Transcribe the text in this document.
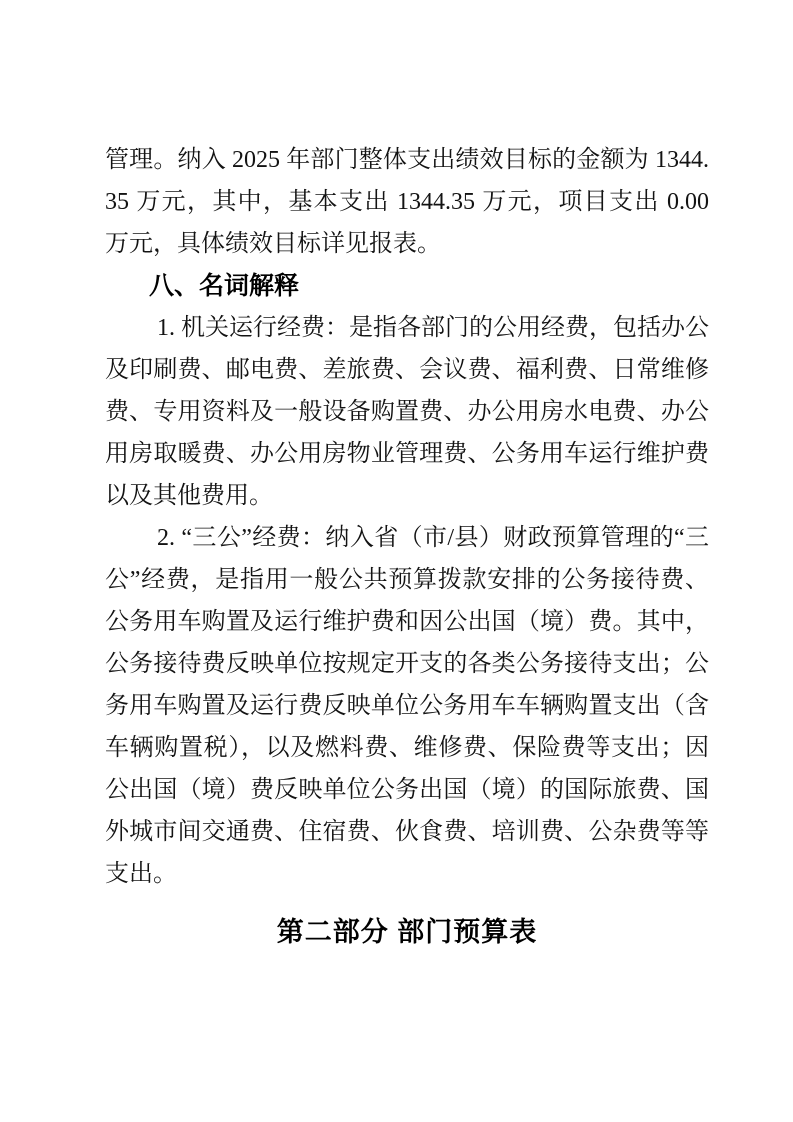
管理。纳入 2025 年部门整体支出绩效目标的金额为 1344.35 万元，其中，基本支出 1344.35 万元，项目支出 0.00 万元，具体绩效目标详见报表。

八、名词解释

1. 机关运行经费：是指各部门的公用经费，包括办公及印刷费、邮电费、差旅费、会议费、福利费、日常维修费、专用资料及一般设备购置费、办公用房水电费、办公用房取暖费、办公用房物业管理费、公务用车运行维护费以及其他费用。

2. “三公”经费：纳入省（市/县）财政预算管理的“三公”经费，是指用一般公共预算拨款安排的公务接待费、公务用车购置及运行维护费和因公出国（境）费。其中，公务接待费反映单位按规定开支的各类公务接待支出；公务用车购置及运行费反映单位公务用车车辆购置支出（含车辆购置税），以及燃料费、维修费、保险费等支出；因公出国（境）费反映单位公务出国（境）的国际旅费、国外城市间交通费、住宿费、伙食费、培训费、公杂费等等支出。

第二部分 部门预算表
